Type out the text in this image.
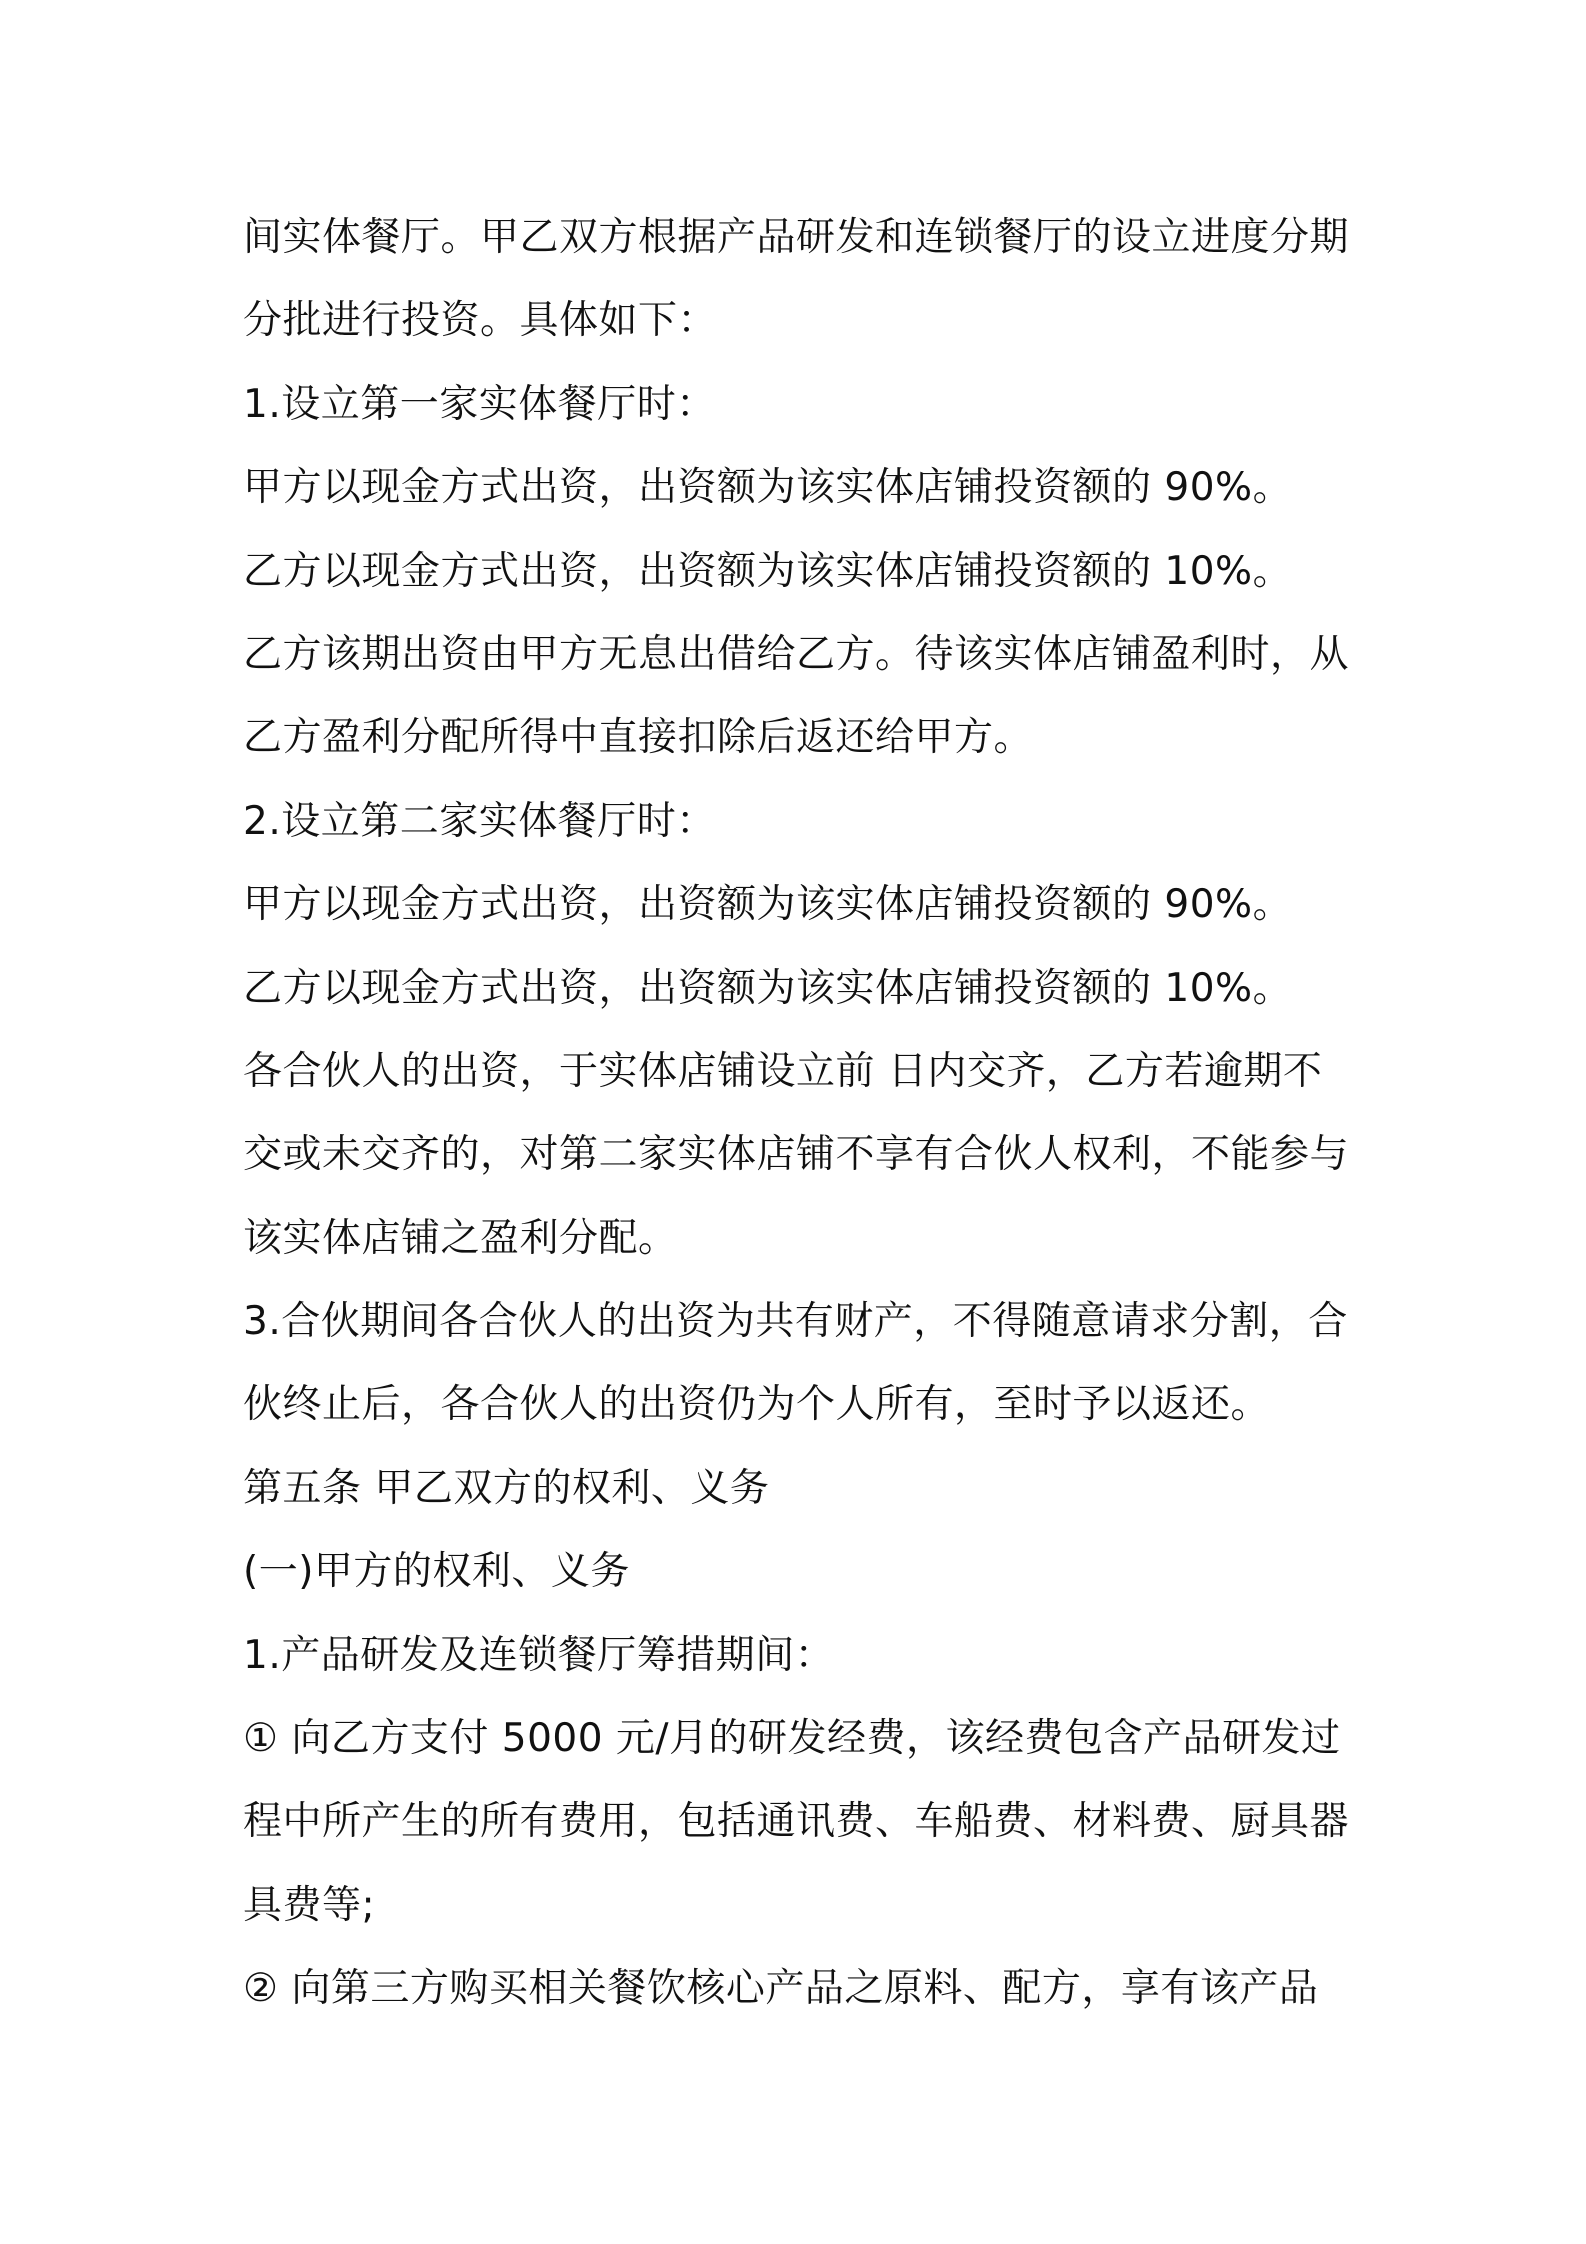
间实体餐厅。甲乙双方根据产品研发和连锁餐厅的设立进度分期
分批进行投资。具体如下：
1.设立第一家实体餐厅时：
甲方以现金方式出资，出资额为该实体店铺投资额的 90%。
乙方以现金方式出资，出资额为该实体店铺投资额的 10%。
乙方该期出资由甲方无息出借给乙方。待该实体店铺盈利时，从
乙方盈利分配所得中直接扣除后返还给甲方。
2.设立第二家实体餐厅时：
甲方以现金方式出资，出资额为该实体店铺投资额的 90%。
乙方以现金方式出资，出资额为该实体店铺投资额的 10%。
各合伙人的出资，于实体店铺设立前 日内交齐，乙方若逾期不
交或未交齐的，对第二家实体店铺不享有合伙人权利，不能参与
该实体店铺之盈利分配。
3.合伙期间各合伙人的出资为共有财产，不得随意请求分割，合
伙终止后，各合伙人的出资仍为个人所有，至时予以返还。
第五条 甲乙双方的权利、义务
(一)甲方的权利、义务
1.产品研发及连锁餐厅筹措期间：
① 向乙方支付 5000 元/月的研发经费，该经费包含产品研发过
程中所产生的所有费用，包括通讯费、车船费、材料费、厨具器
具费等;
② 向第三方购买相关餐饮核心产品之原料、配方，享有该产品
